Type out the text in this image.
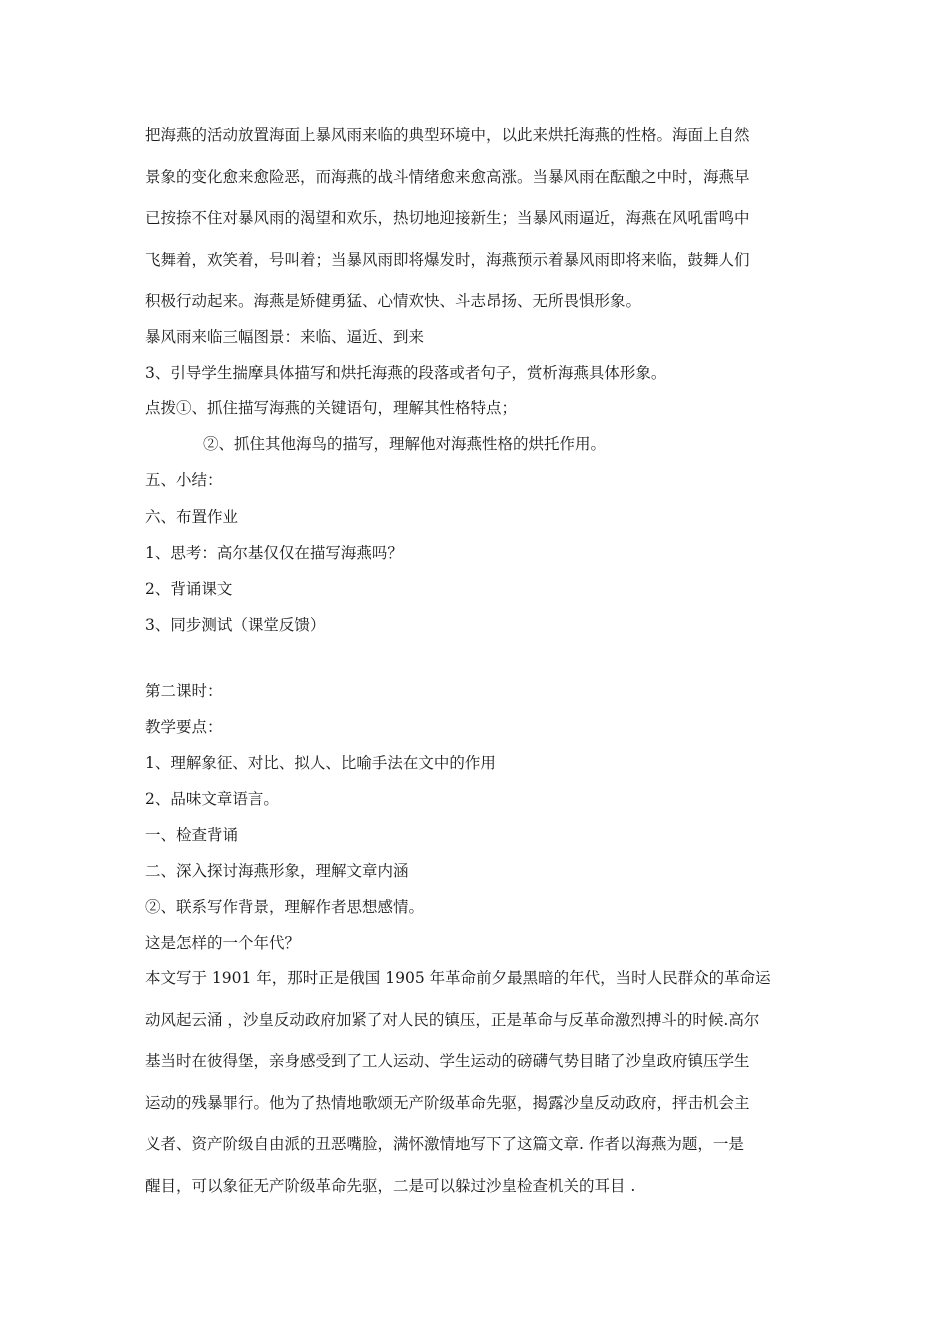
把海燕的活动放置海面上暴风雨来临的典型环境中，以此来烘托海燕的性格。海面上自然
景象的变化愈来愈险恶，而海燕的战斗情绪愈来愈高涨。当暴风雨在酝酿之中时，海燕早
已按捺不住对暴风雨的渴望和欢乐，热切地迎接新生；当暴风雨逼近，海燕在风吼雷鸣中
飞舞着，欢笑着，号叫着；当暴风雨即将爆发时，海燕预示着暴风雨即将来临，鼓舞人们
积极行动起来。海燕是矫健勇猛、心情欢快、斗志昂扬、无所畏惧形象。
暴风雨来临三幅图景：来临、逼近、到来
3、引导学生揣摩具体描写和烘托海燕的段落或者句子，赏析海燕具体形象。
点拨①、抓住描写海燕的关键语句，理解其性格特点；
②、抓住其他海鸟的描写，理解他对海燕性格的烘托作用。
五、小结：
六、布置作业
1、思考：高尔基仅仅在描写海燕吗？
2、背诵课文
3、同步测试（课堂反馈）
第二课时：
教学要点：
1、理解象征、对比、拟人、比喻手法在文中的作用
2、品味文章语言。
一、检查背诵
二、深入探讨海燕形象，理解文章内涵
②、联系写作背景，理解作者思想感情。
这是怎样的一个年代？
本文写于 1901 年，那时正是俄国 1905 年革命前夕最黑暗的年代，当时人民群众的革命运
动风起云涌 ，沙皇反动政府加紧了对人民的镇压，正是革命与反革命激烈搏斗的时候.高尔
基当时在彼得堡，亲身感受到了工人运动、学生运动的磅礴气势目睹了沙皇政府镇压学生
运动的残暴罪行。他为了热情地歌颂无产阶级革命先驱，揭露沙皇反动政府，抨击机会主
义者、资产阶级自由派的丑恶嘴脸，满怀激情地写下了这篇文章. 作者以海燕为题，一是
醒目，可以象征无产阶级革命先驱，二是可以躲过沙皇检查机关的耳目 .
